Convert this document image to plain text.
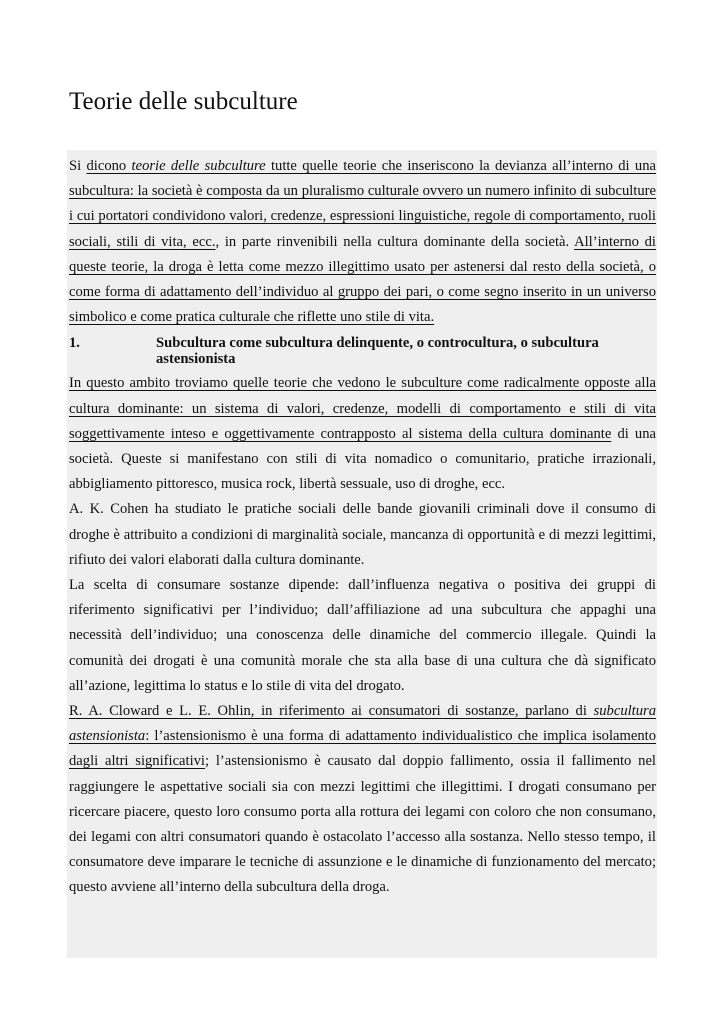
Teorie delle subculture

Si dicono teorie delle subculture tutte quelle teorie che inseriscono la devianza all’interno di una subcultura: la società è composta da un pluralismo culturale ovvero un numero infinito di subculture i cui portatori condividono valori, credenze, espressioni linguistiche, regole di comportamento, ruoli sociali, stili di vita, ecc., in parte rinvenibili nella cultura dominante della società. All’interno di queste teorie, la droga è letta come mezzo illegittimo usato per astenersi dal resto della società, o come forma di adattamento dell’individuo al gruppo dei pari, o come segno inserito in un universo simbolico e come pratica culturale che riflette uno stile di vita.

1.	Subcultura come subcultura delinquente, o controcultura, o subcultura astensionista

In questo ambito troviamo quelle teorie che vedono le subculture come radicalmente opposte alla cultura dominante: un sistema di valori, credenze, modelli di comportamento e stili di vita soggettivamente inteso e oggettivamente contrapposto al sistema della cultura dominante di una società. Queste si manifestano con stili di vita nomadico o comunitario, pratiche irrazionali, abbigliamento pittoresco, musica rock, libertà sessuale, uso di droghe, ecc.

A. K. Cohen ha studiato le pratiche sociali delle bande giovanili criminali dove il consumo di droghe è attribuito a condizioni di marginalità sociale, mancanza di opportunità e di mezzi legittimi, rifiuto dei valori elaborati dalla cultura dominante.

La scelta di consumare sostanze dipende: dall’influenza negativa o positiva dei gruppi di riferimento significativi per l’individuo; dall’affiliazione ad una subcultura che appaghi una necessità dell’individuo; una conoscenza delle dinamiche del commercio illegale. Quindi la comunità dei drogati è una comunità morale che sta alla base di una cultura che dà significato all’azione, legittima lo status e lo stile di vita del drogato.

R. A. Cloward e L. E. Ohlin, in riferimento ai consumatori di sostanze, parlano di subcultura astensionista: l’astensionismo è una forma di adattamento individualistico che implica isolamento dagli altri significativi; l’astensionismo è causato dal doppio fallimento, ossia il fallimento nel raggiungere le aspettative sociali sia con mezzi legittimi che illegittimi. I drogati consumano per ricercare piacere, questo loro consumo porta alla rottura dei legami con coloro che non consumano, dei legami con altri consumatori quando è ostacolato l’accesso alla sostanza. Nello stesso tempo, il consumatore deve imparare le tecniche di assunzione e le dinamiche di funzionamento del mercato; questo avviene all’interno della subcultura della droga.
